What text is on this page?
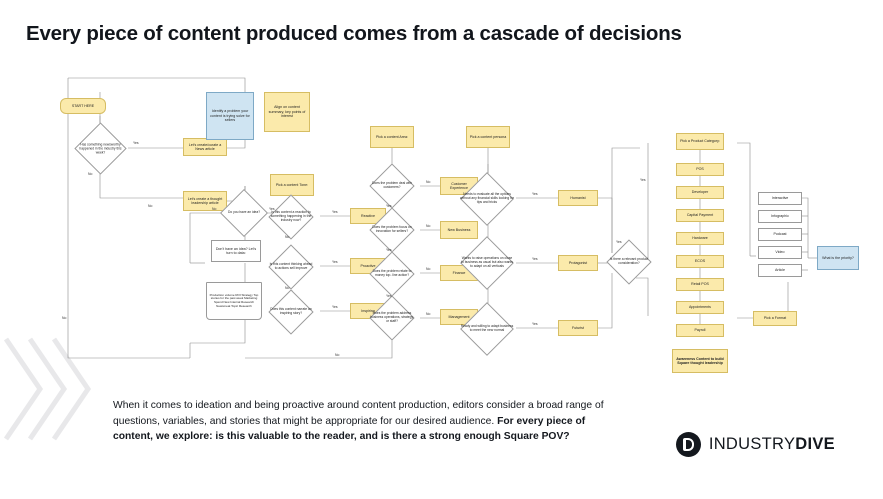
Every piece of content produced comes from a cascade of decisions
START HERE
Has something newsworthy happened in the industry this week?
Let's create/curate a News article
Let's create a thought leadership article
Identify a problem your content is trying solve for sellers
Align on content summary, key points of interest
Do you have an idea?
Don't have an idea? Let's turn to data:
Production volume ROI Strategy Top stories for the past week Marketing Spend New Internal Research Newsmeat Topic Research
Pick a content Tone:
Is this content a reaction to something happening in the industry now?
Reactive
Is this content thinking ahead to actions sell improve
Proactive
Does this content narrate an inspiring story?
Inspiring
Pick a content Area:
Does the problem deal with customers?
Customer Experience
Does the problem focus on innovation for sellers?	New Business
Does the problem relate to money top- line action?
Finance
Does the problem address business operations, strategy, or staff?
Management
Pick a content persona
Needs to evaluate all the options without any financial skills looking for tips and tricks
Humanist
Wants to raise operations on close to business as usual but also wants to adapt on all verticals
Protagonist
Ready and willing to adapt business to meet the new normal
Futurist
Is there a relevant product consideration?
Pick a Product Category:
POS
Developer
Capital Payment
Hardware
ECOS
Retail POS
Appointments
Payroll
Awareness Content to build Square thought leadership
Pick a Format
Interactive
Infographic
Podcast
Video
Article
What is the priority?
Yes
No
No
Yes
No
Yes
No
Yes
No
Yes
No
Yes
No
Yes
No
Yes
No
Yes
Yes
Yes
Yes
Yes
No
No
When it comes to ideation and being proactive around content production, editors consider a broad range of questions, variables, and stories that might be appropriate for our desired audience. For every piece of content, we explore: is this valuable to the reader, and is there a strong enough Square POV?	INDUSTRYDIVE
